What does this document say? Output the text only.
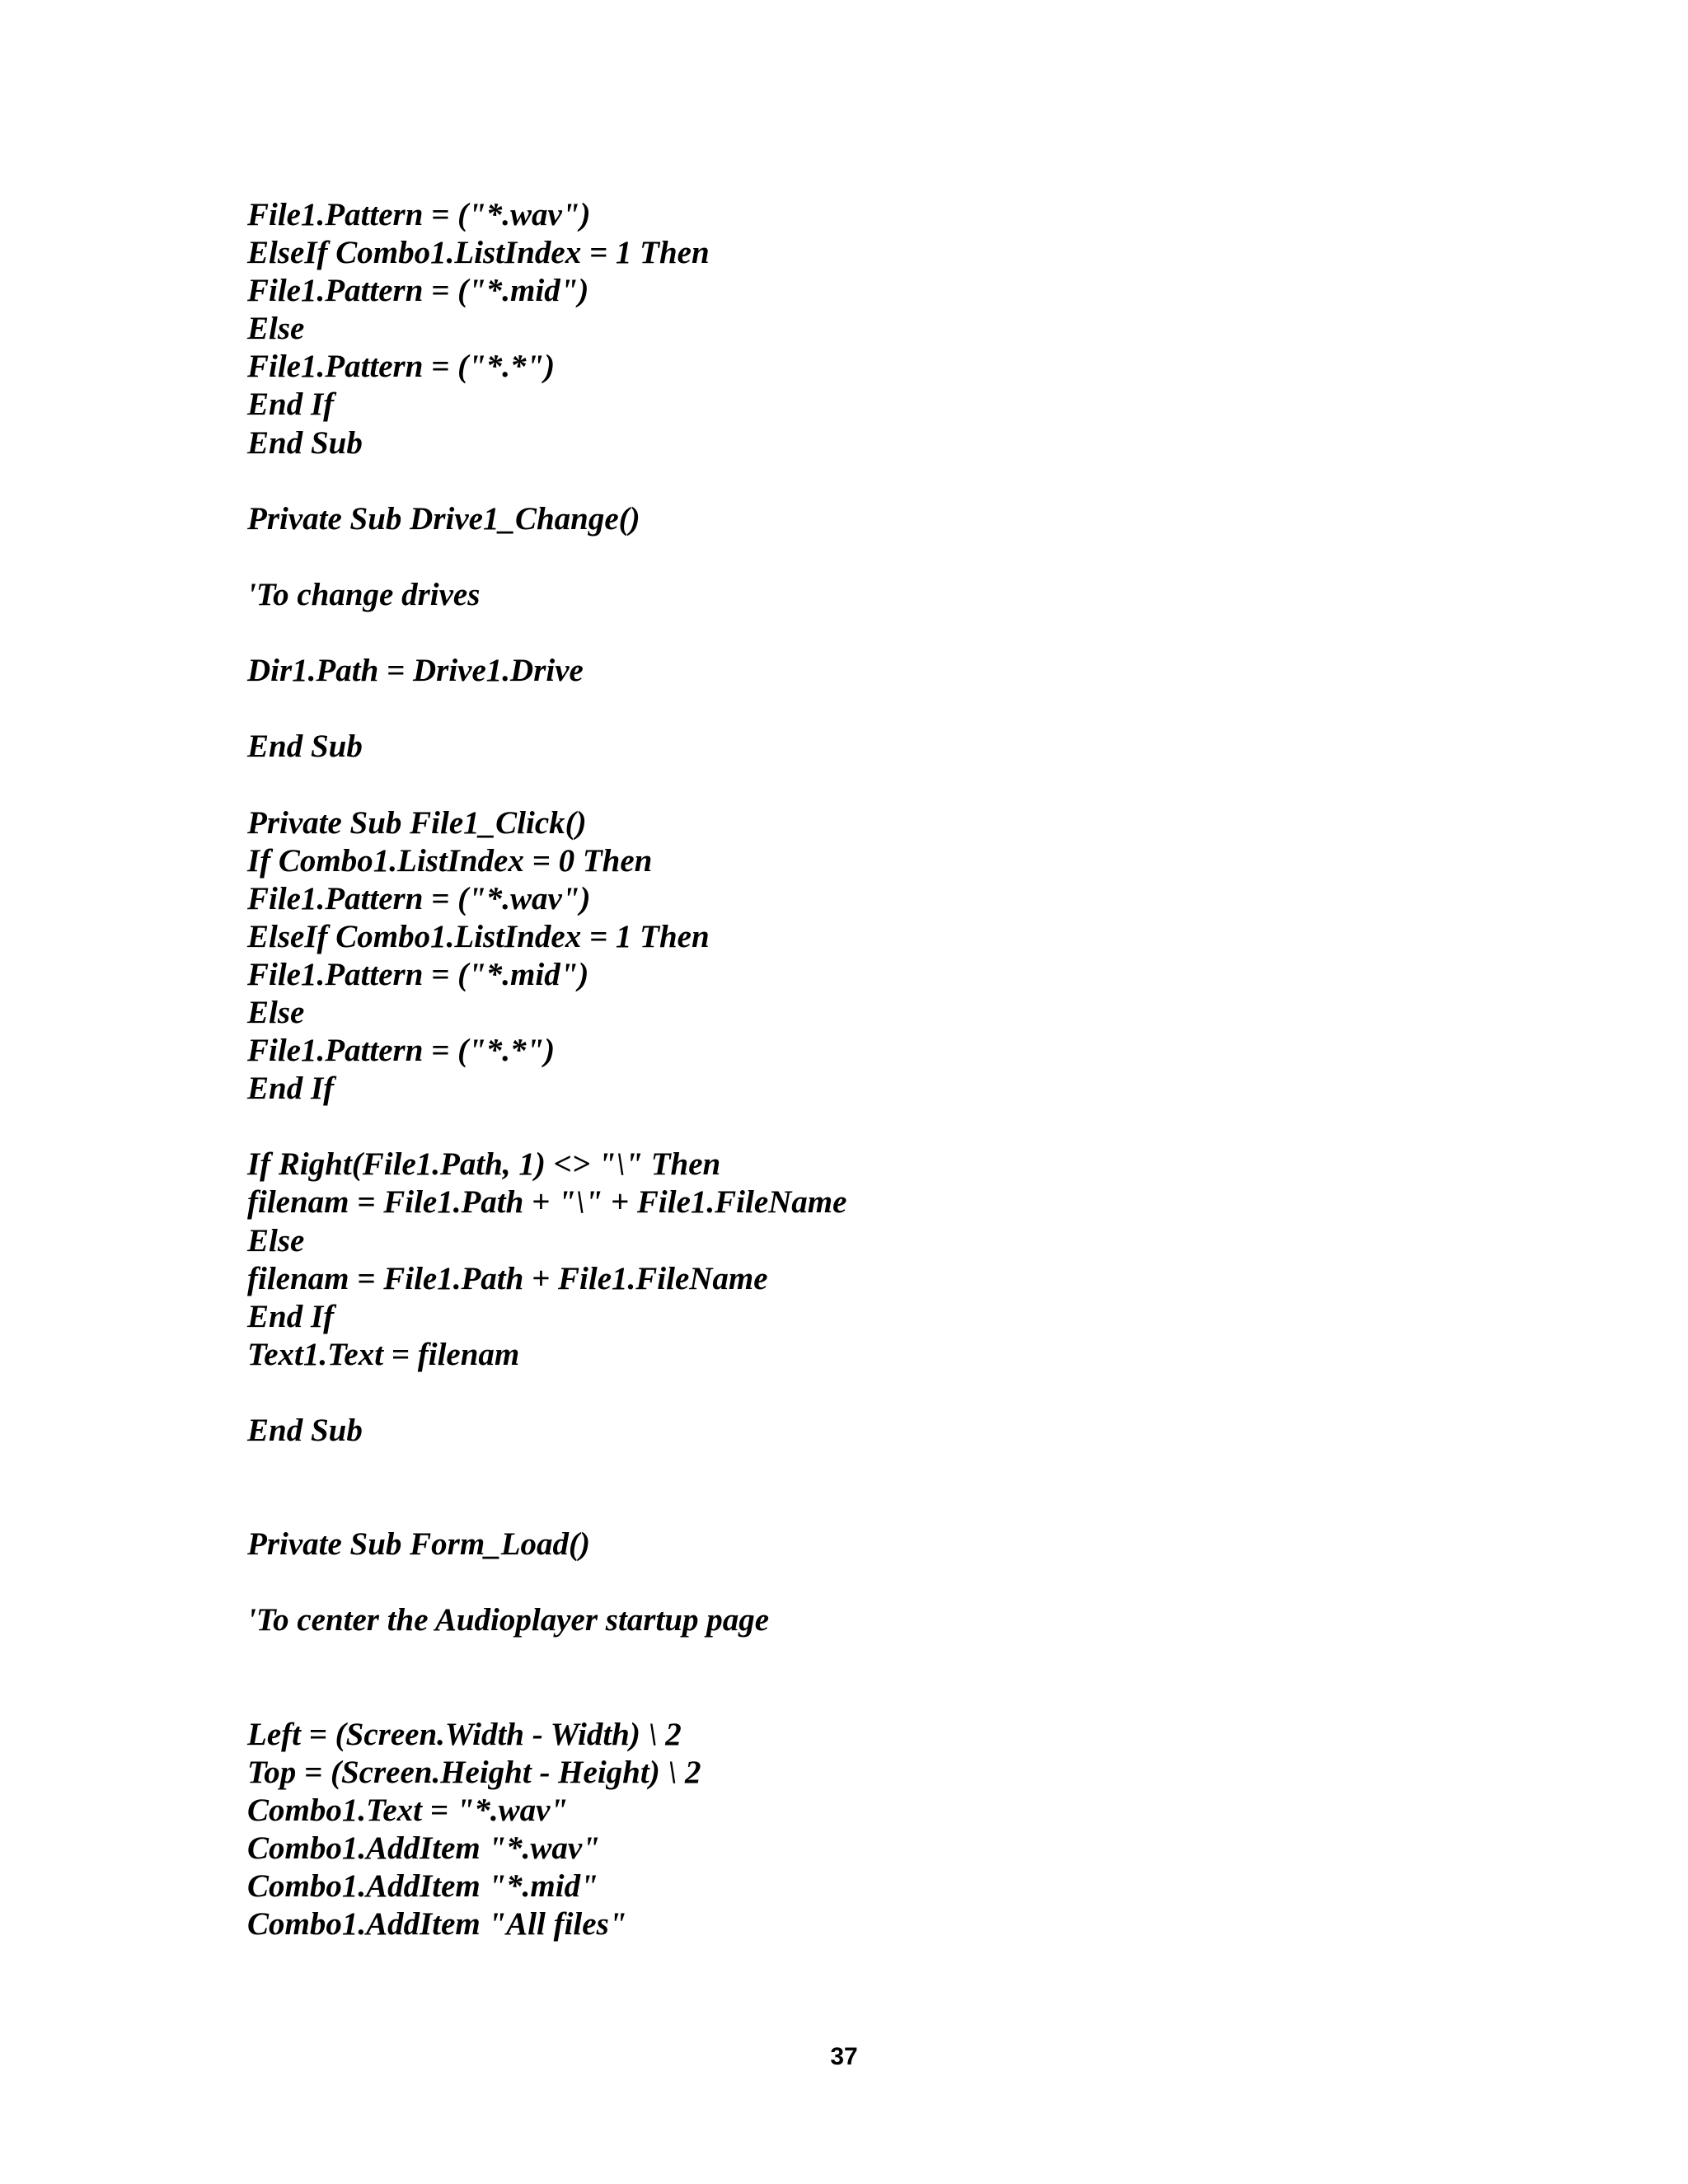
File1.Pattern = ("*.wav")
ElseIf Combo1.ListIndex = 1 Then
File1.Pattern = ("*.mid")
Else
File1.Pattern = ("*.*")
End If
End Sub
Private Sub Drive1_Change()
'To change drives
Dir1.Path = Drive1.Drive
End Sub
Private Sub File1_Click()
If Combo1.ListIndex = 0 Then
File1.Pattern = ("*.wav")
ElseIf Combo1.ListIndex = 1 Then
File1.Pattern = ("*.mid")
Else
File1.Pattern = ("*.*")
End If
If Right(File1.Path, 1) <> "\" Then
filenam = File1.Path + "\" + File1.FileName
Else
filenam = File1.Path + File1.FileName
End If
Text1.Text = filenam
End Sub
Private Sub Form_Load()
'To center the Audioplayer startup page
Left = (Screen.Width - Width) \ 2
Top = (Screen.Height - Height) \ 2
Combo1.Text = "*.wav"
Combo1.AddItem "*.wav"
Combo1.AddItem "*.mid"
Combo1.AddItem "All files"
37
